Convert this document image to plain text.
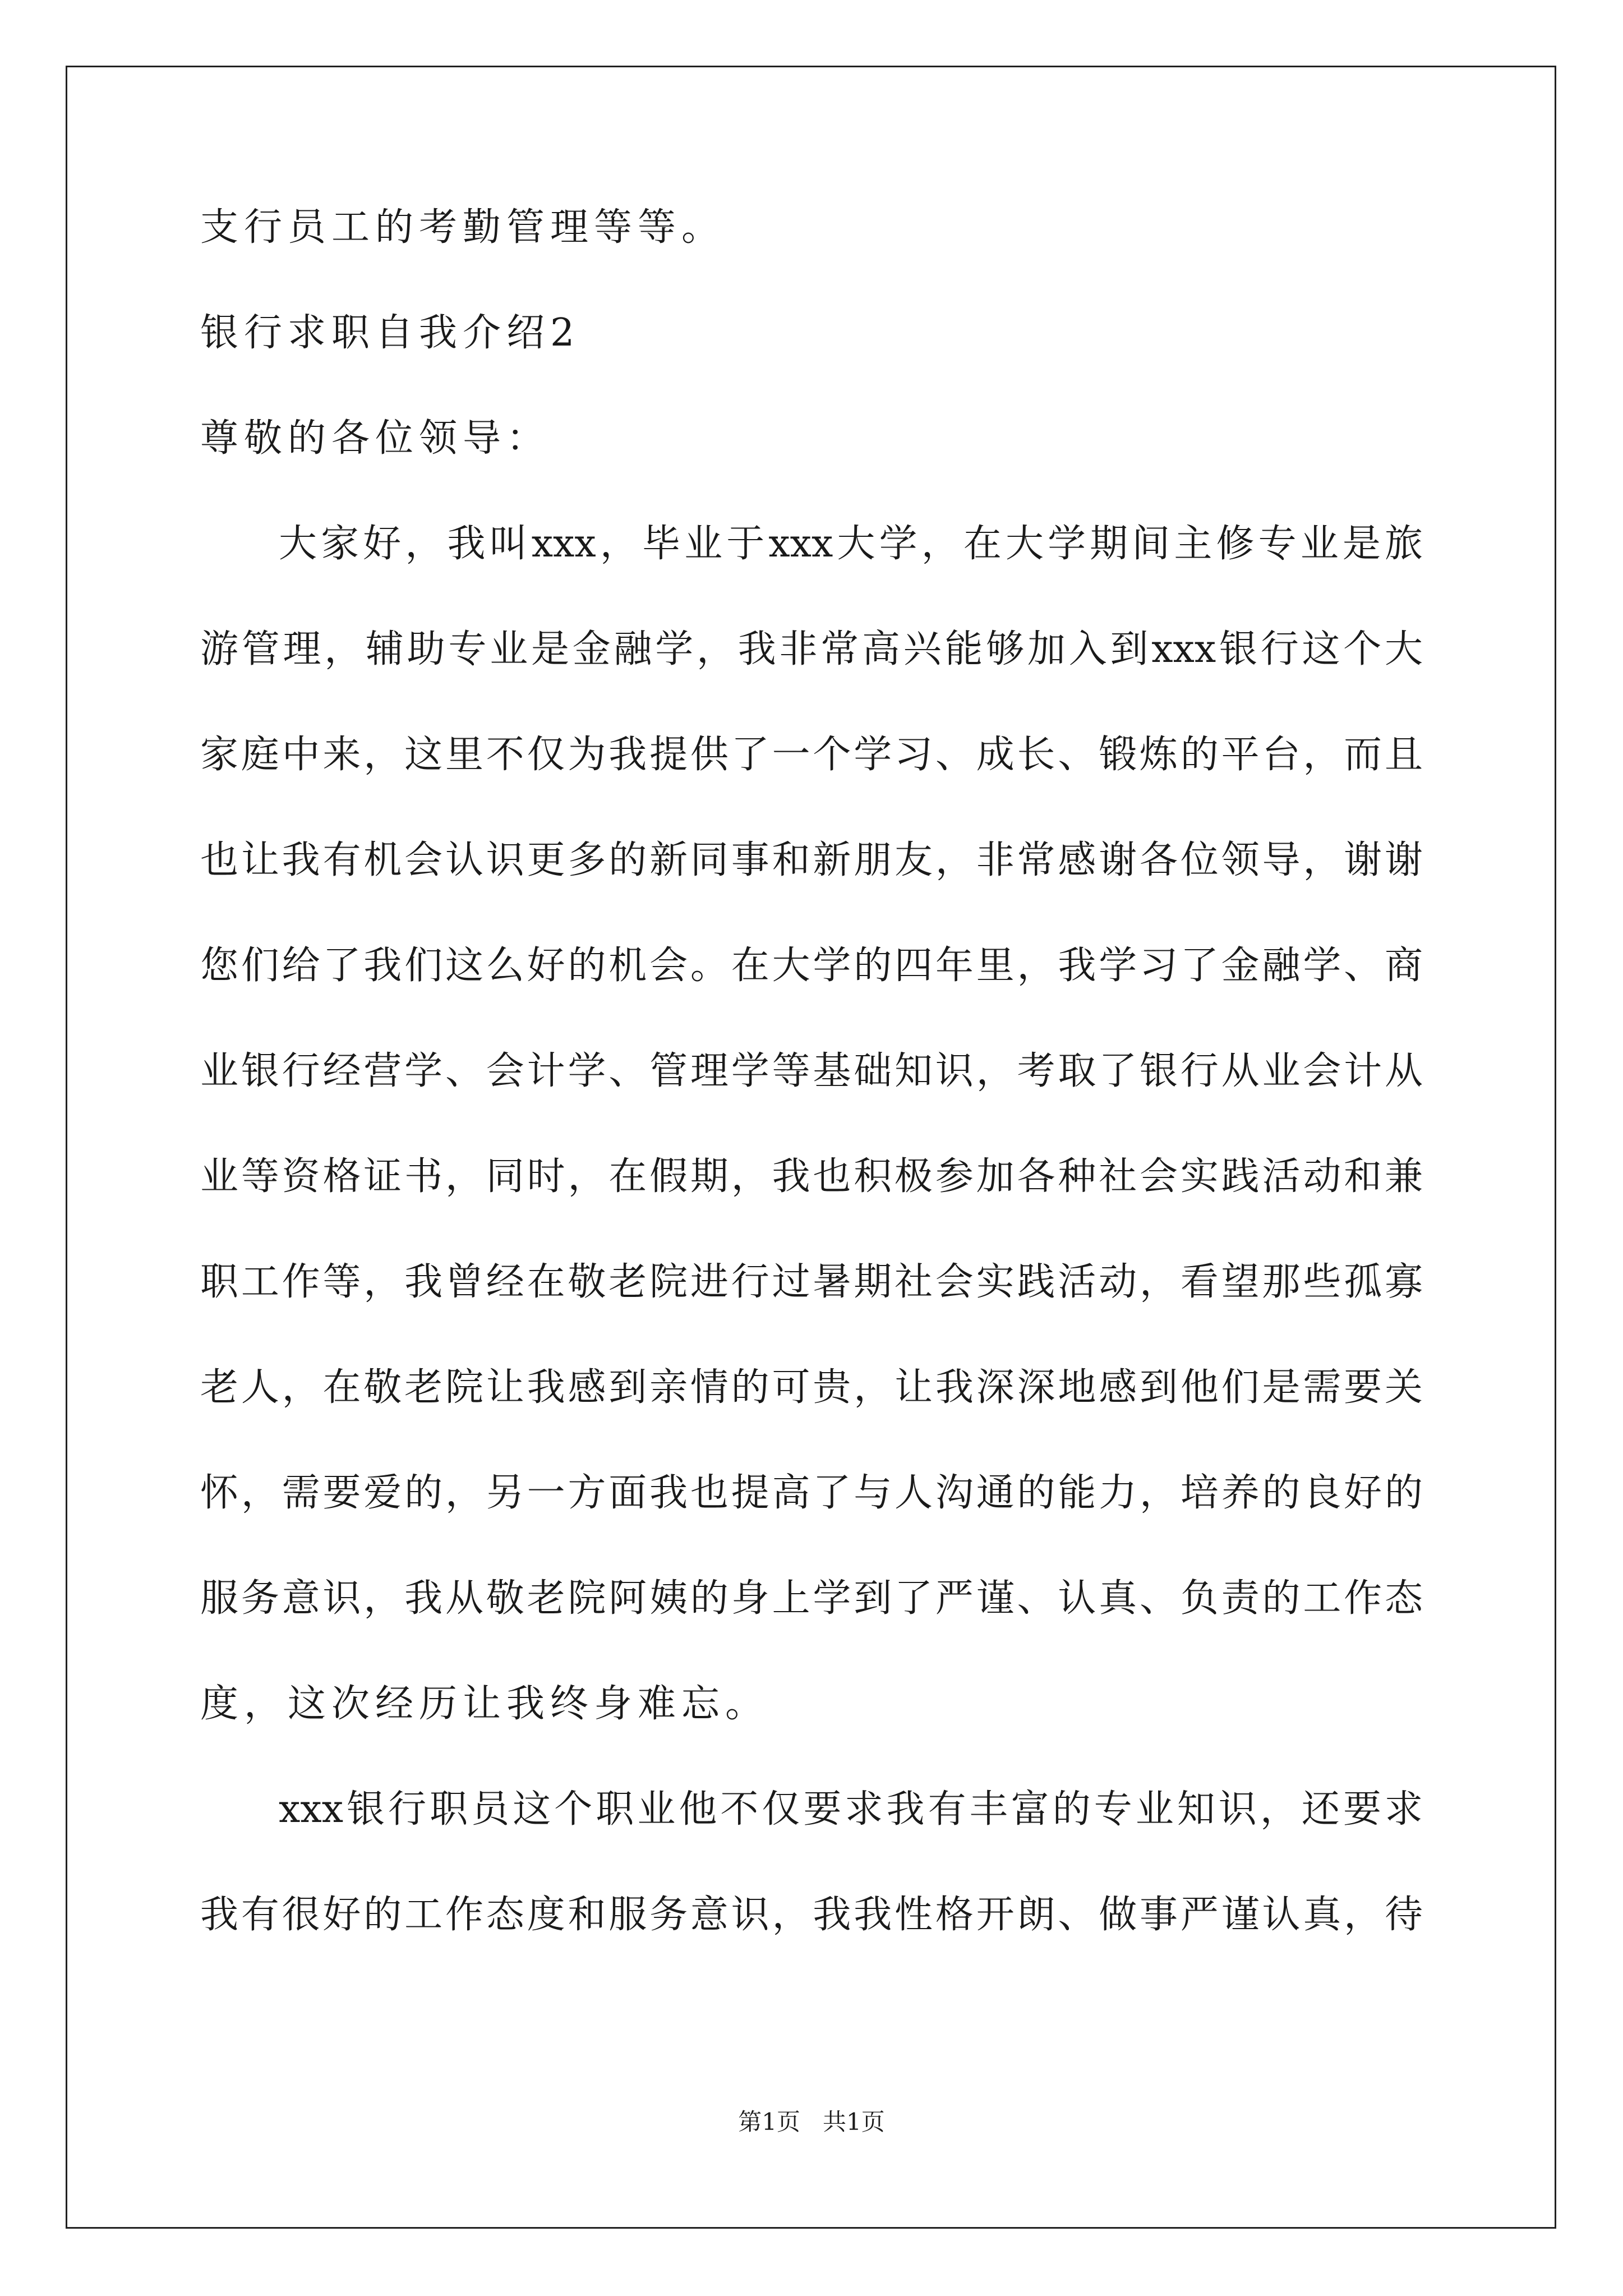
支行员工的考勤管理等等。
银行求职自我介绍2
尊敬的各位领导：
大家好，我叫xxx，毕业于xxx大学，在大学期间主修专业是旅
游管理，辅助专业是金融学，我非常高兴能够加入到xxx银行这个大
家庭中来，这里不仅为我提供了一个学习、成长、锻炼的平台，而且
也让我有机会认识更多的新同事和新朋友，非常感谢各位领导，谢谢
您们给了我们这么好的机会。在大学的四年里，我学习了金融学、商
业银行经营学、会计学、管理学等基础知识，考取了银行从业会计从
业等资格证书，同时，在假期，我也积极参加各种社会实践活动和兼
职工作等，我曾经在敬老院进行过暑期社会实践活动，看望那些孤寡
老人，在敬老院让我感到亲情的可贵，让我深深地感到他们是需要关
怀，需要爱的，另一方面我也提高了与人沟通的能力，培养的良好的
服务意识，我从敬老院阿姨的身上学到了严谨、认真、负责的工作态
度，这次经历让我终身难忘。
xxx银行职员这个职业他不仅要求我有丰富的专业知识，还要求
我有很好的工作态度和服务意识，我我性格开朗、做事严谨认真，待
第1页   共1页
